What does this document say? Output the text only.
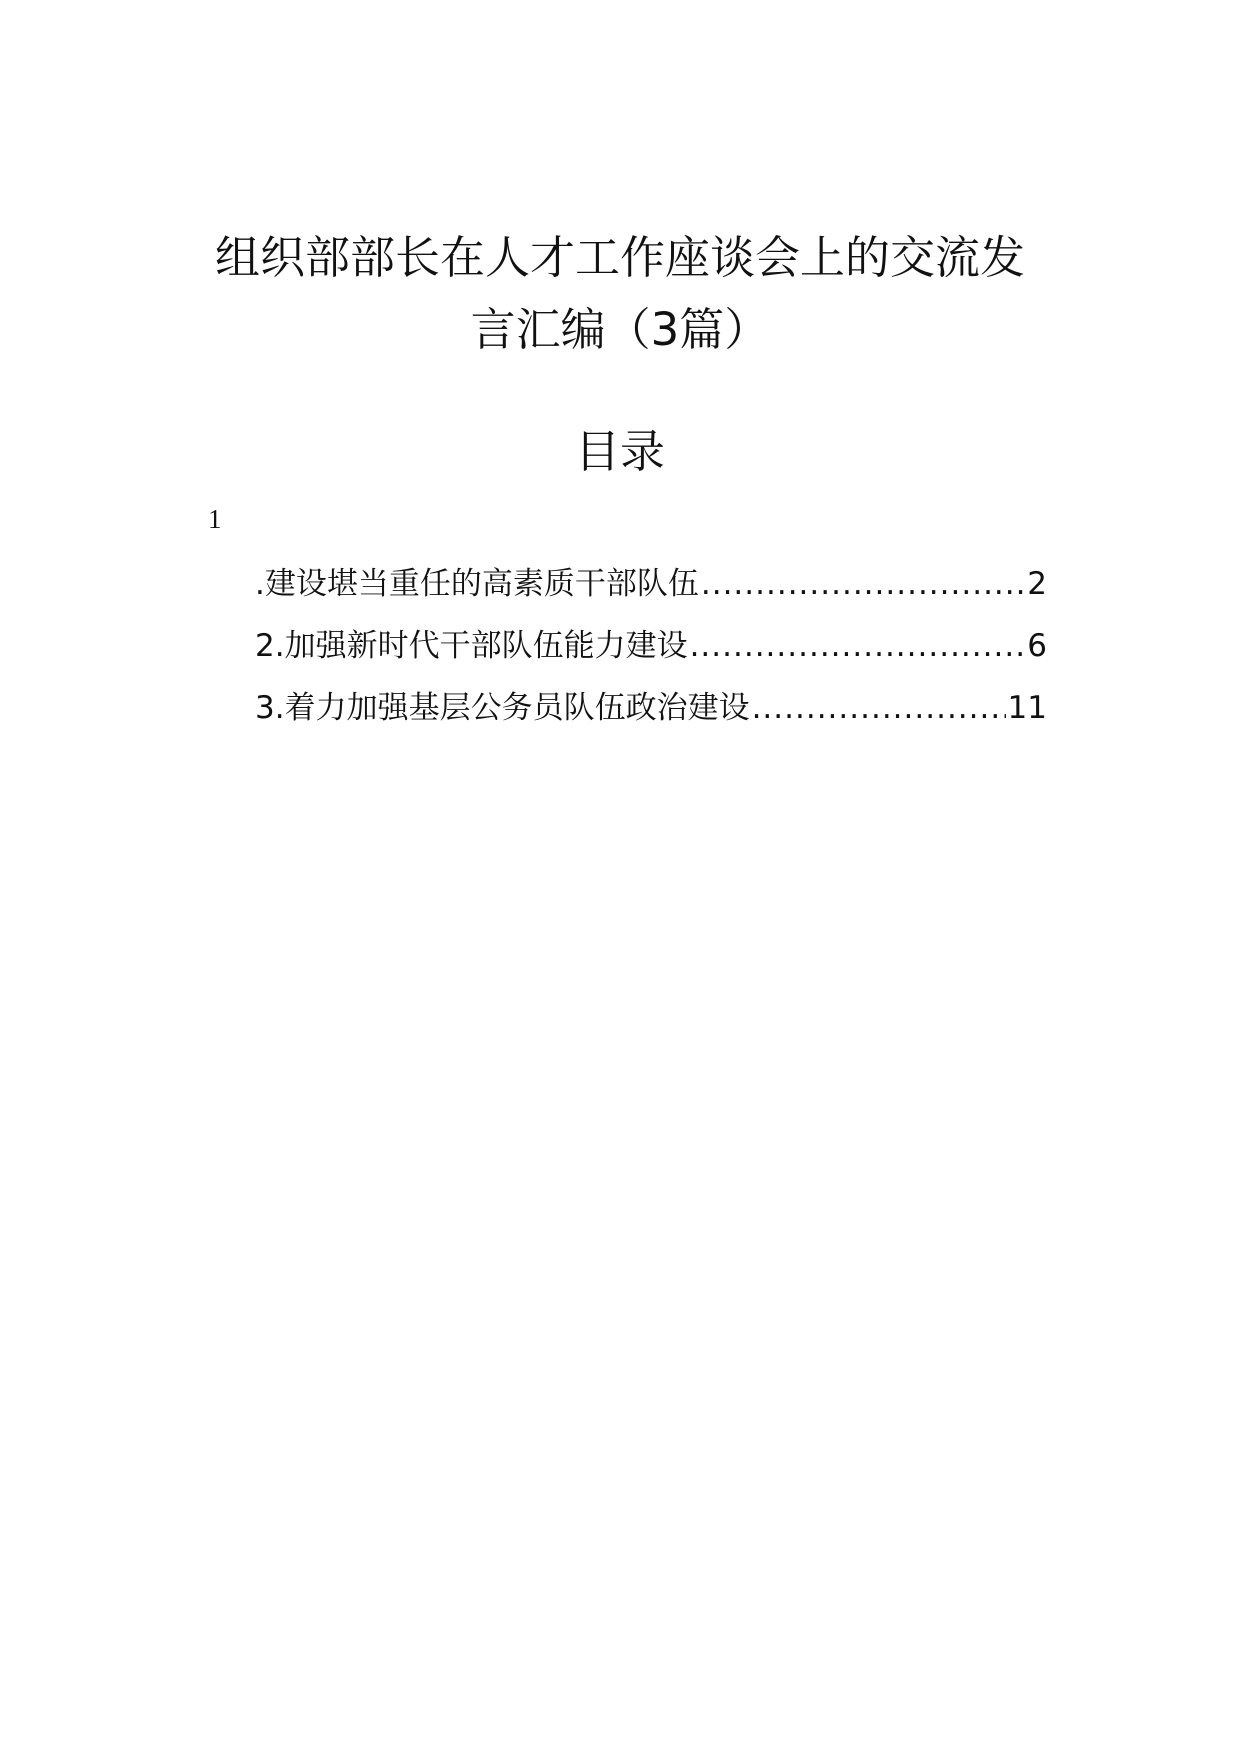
组织部部长在人才工作座谈会上的交流发
言汇编（3篇）
目录
1
.建设堪当重任的高素质干部队伍 .....	2
2.加强新时代干部队伍能力建设 .....	6
3.着力加强基层公务员队伍政治建设 .....	11
